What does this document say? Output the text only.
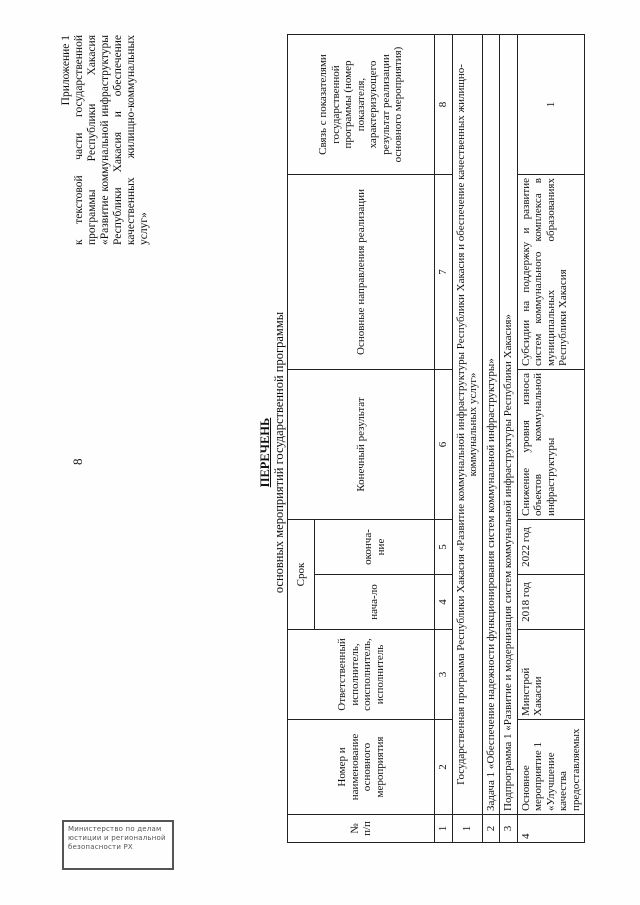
8
Приложение 1 к текстовой части государственной программы Республики Хакасия «Развитие коммунальной инфраструктуры Республики Хакасия и обеспечение качественных жилищно-коммунальных услуг»
ПЕРЕЧЕНЬ основных мероприятий государственной программы
№ п/п	Номер и наименование основного мероприятия	Ответственный исполнитель, соисполнитель, исполнитель	Срок		Конечный результат	Основные направления реализации	Связь с показателями государственной программы (номер показателя, характеризующего результат реализации основного мероприятия)
			нача-ло	оконча-ние			
1	2	3	4	5	6	7	8
1	Государственная программа Республики Хакасия «Развитие коммунальной инфраструктуры Республики Хакасия и обеспечение качественных жилищно-коммунальных услуг»						
2	Задача 1 «Обеспечение надежности функционирования систем коммунальной инфраструктуры»						
3	Подпрограмма 1 «Развитие и модернизация систем коммунальной инфраструктуры Республики Хакасия»						
4	Основное мероприятие 1 «Улучшение качества предоставляемых	Минстрой Хакасии	2018 год	2022 год	Снижение уровня износа объектов коммунальной инфраструктуры	Субсидии на поддержку и развитие систем коммунального комплекса в муниципальных образованиях Республики Хакасия	1
Министерство по делам юстиции и региональной безопасности РХ
